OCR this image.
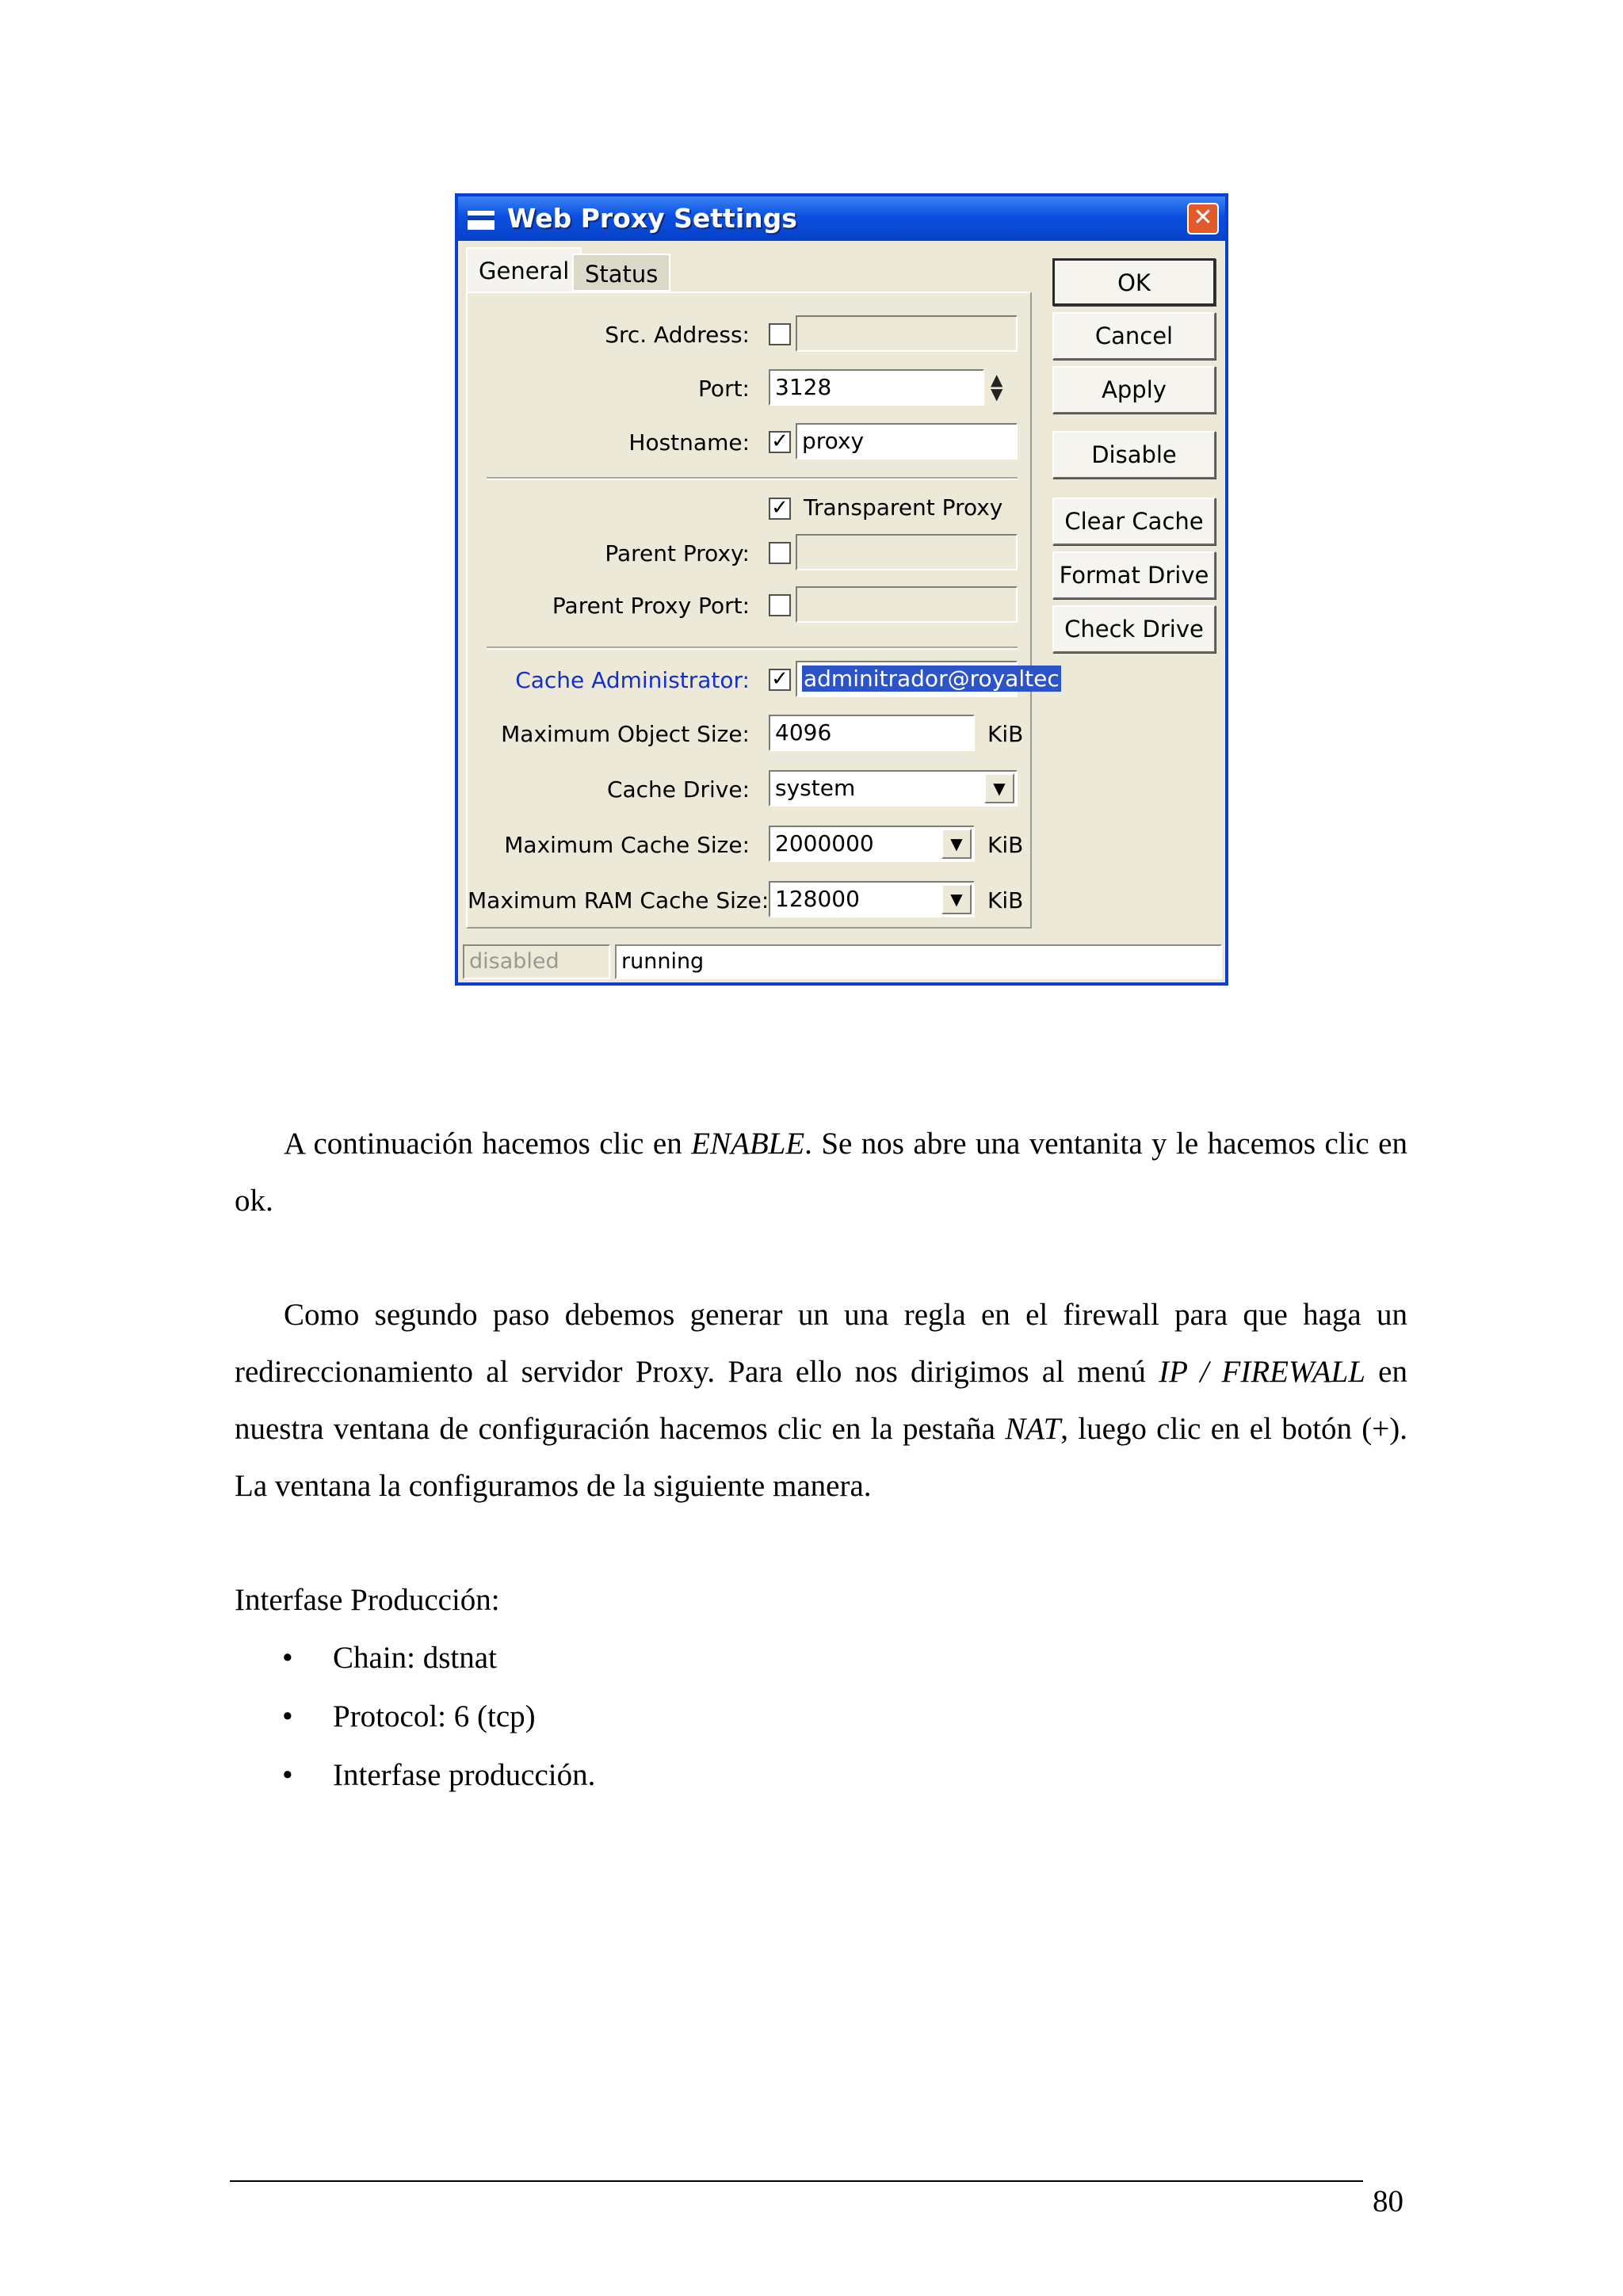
Web Proxy Settings	✕
General Status
Src. Address:
Port: 3128	▲
▼
Hostname: ✓ proxy
✓ Transparent Proxy
Parent Proxy:
Parent Proxy Port:
Cache Administrator: ✓ adminitrador@royaltec
Maximum Object Size: 4096	KiB
Cache Drive: system	▼
Maximum Cache Size: 2000000	▼	KiB
Maximum RAM Cache Size: 128000	▼	KiB
OK
Cancel
Apply
Disable
Clear Cache
Format Drive
Check Drive
disabled	running
A continuación hacemos clic en ENABLE. Se nos abre una ventanita y le hacemos clic en ok.
Como segundo paso debemos generar un una regla en el firewall para que haga un redireccionamiento al servidor Proxy. Para ello nos dirigimos al menú IP / FIREWALL en nuestra ventana de configuración hacemos clic en la pestaña NAT, luego clic en el botón (+). La ventana la configuramos de la siguiente manera.
Interfase Producción:
• Chain: dstnat
• Protocol: 6 (tcp)
• Interfase producción.
80
